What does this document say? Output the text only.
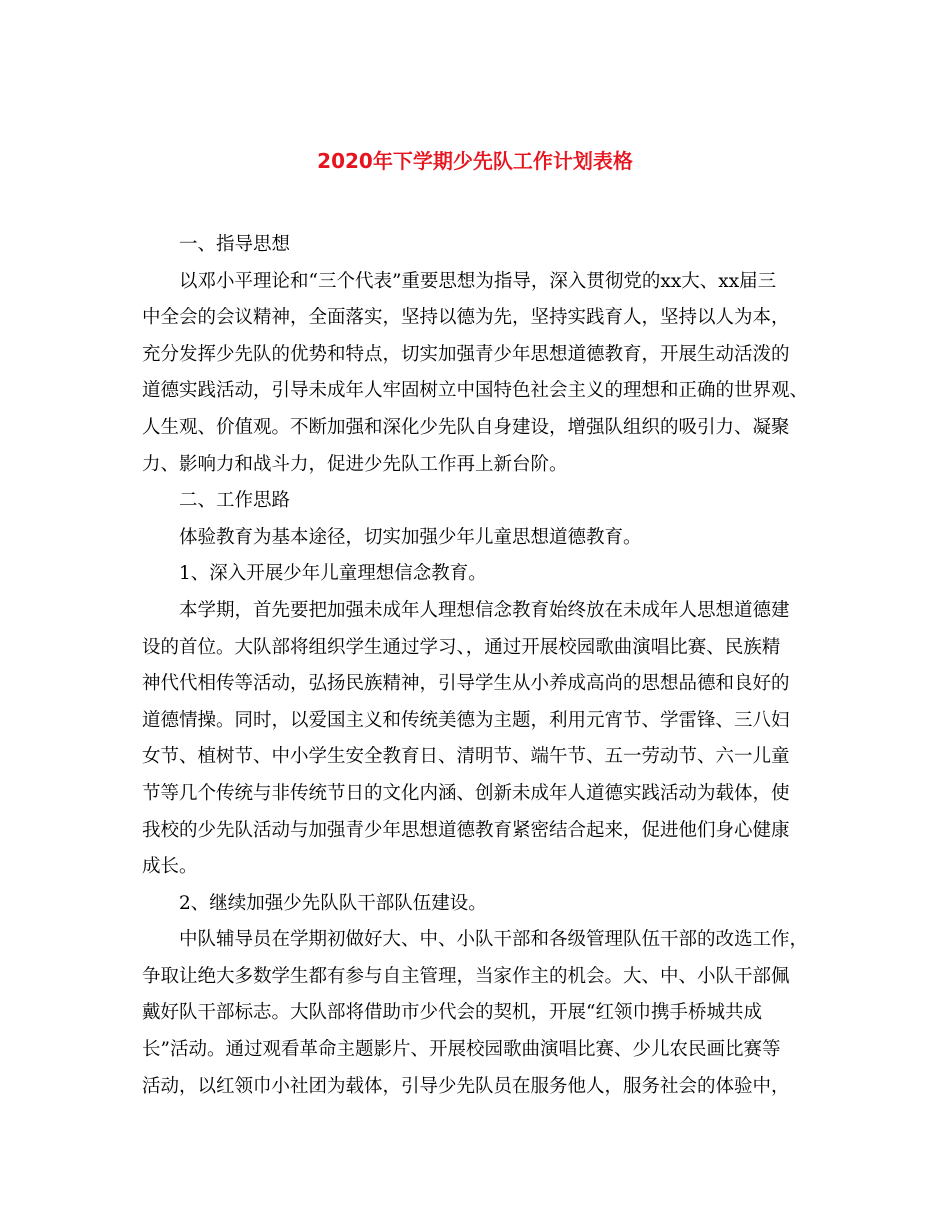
2020年下学期少先队工作计划表格
一、指导思想
以邓小平理论和“三个代表”重要思想为指导，深入贯彻党的xx大、xx届三
中全会的会议精神，全面落实，坚持以德为先，坚持实践育人，坚持以人为本，
充分发挥少先队的优势和特点，切实加强青少年思想道德教育，开展生动活泼的
道德实践活动，引导未成年人牢固树立中国特色社会主义的理想和正确的世界观、
人生观、价值观。不断加强和深化少先队自身建设，增强队组织的吸引力、凝聚
力、影响力和战斗力，促进少先队工作再上新台阶。
二、工作思路
体验教育为基本途径，切实加强少年儿童思想道德教育。
1、深入开展少年儿童理想信念教育。
本学期，首先要把加强未成年人理想信念教育始终放在未成年人思想道德建
设的首位。大队部将组织学生通过学习、，通过开展校园歌曲演唱比赛、民族精
神代代相传等活动，弘扬民族精神，引导学生从小养成高尚的思想品德和良好的
道德情操。同时，以爱国主义和传统美德为主题，利用元宵节、学雷锋、三八妇
女节、植树节、中小学生安全教育日、清明节、端午节、五一劳动节、六一儿童
节等几个传统与非传统节日的文化内涵、创新未成年人道德实践活动为载体，使
我校的少先队活动与加强青少年思想道德教育紧密结合起来，促进他们身心健康
成长。
2、继续加强少先队队干部队伍建设。
中队辅导员在学期初做好大、中、小队干部和各级管理队伍干部的改选工作，
争取让绝大多数学生都有参与自主管理，当家作主的机会。大、中、小队干部佩
戴好队干部标志。大队部将借助市少代会的契机，开展“红领巾携手桥城共成
长”活动。通过观看革命主题影片、开展校园歌曲演唱比赛、少儿农民画比赛等
活动，以红领巾小社团为载体，引导少先队员在服务他人，服务社会的体验中，
